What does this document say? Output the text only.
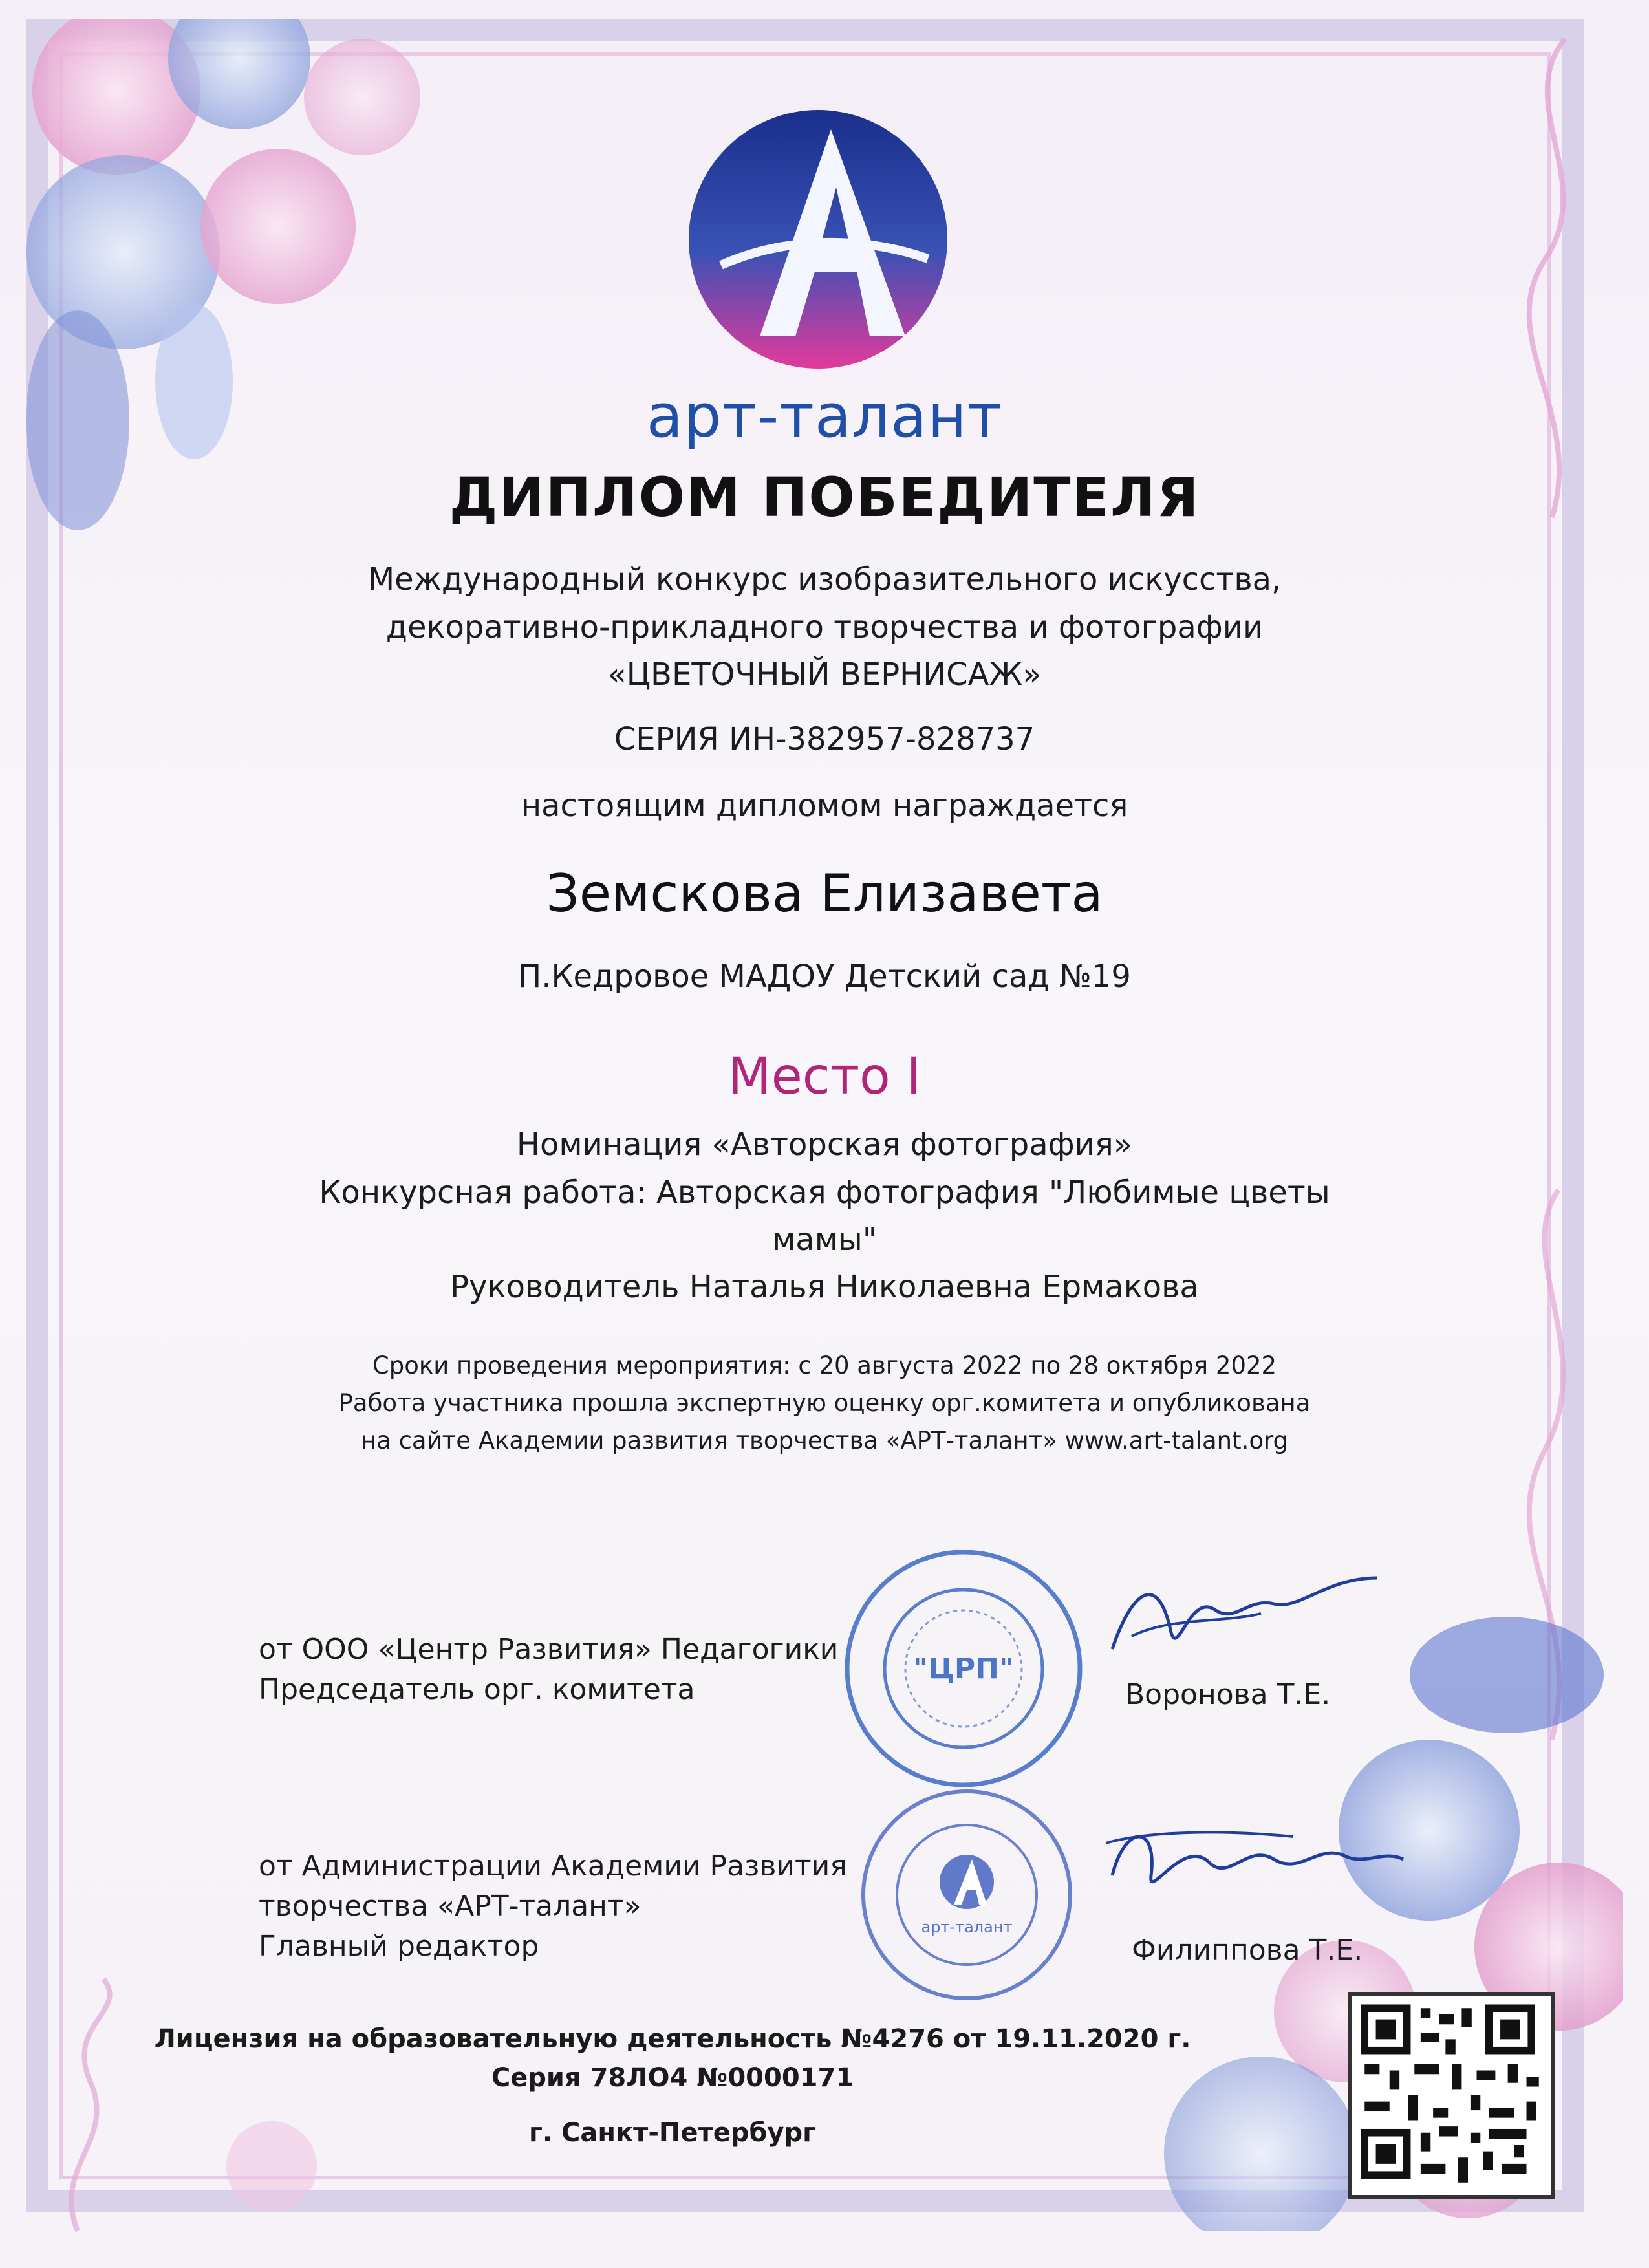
арт-талант
ДИПЛОМ ПОБЕДИТЕЛЯ
Международный конкурс изобразительного искусства,
декоративно-прикладного творчества и фотографии
«ЦВЕТОЧНЫЙ ВЕРНИСАЖ»
СЕРИЯ ИН-382957-828737
настоящим дипломом награждается
Земскова Елизавета
П.Кедровое МАДОУ Детский сад №19
Место I
Номинация «Авторская фотография»
Конкурсная работа: Авторская фотография "Любимые цветы
мамы"
Руководитель Наталья Николаевна Ермакова
Сроки проведения мероприятия: с 20 августа 2022 по 28 октября 2022
Работа участника прошла экспертную оценку орг.комитета и опубликована
на сайте Академии развития творчества «АРТ-талант» www.art-talant.org
от ООО «Центр Развития» Педагогики
Председатель орг. комитета	Воронова Т.Е.
"ЦРП"
от Администрации Академии Развития
творчества «АРТ-талант»
Главный редактор	Филиппова Т.Е.
арт-талант
Лицензия на образовательную деятельность №4276 от 19.11.2020 г.
Серия 78ЛО4 №0000171
г. Санкт-Петербург
